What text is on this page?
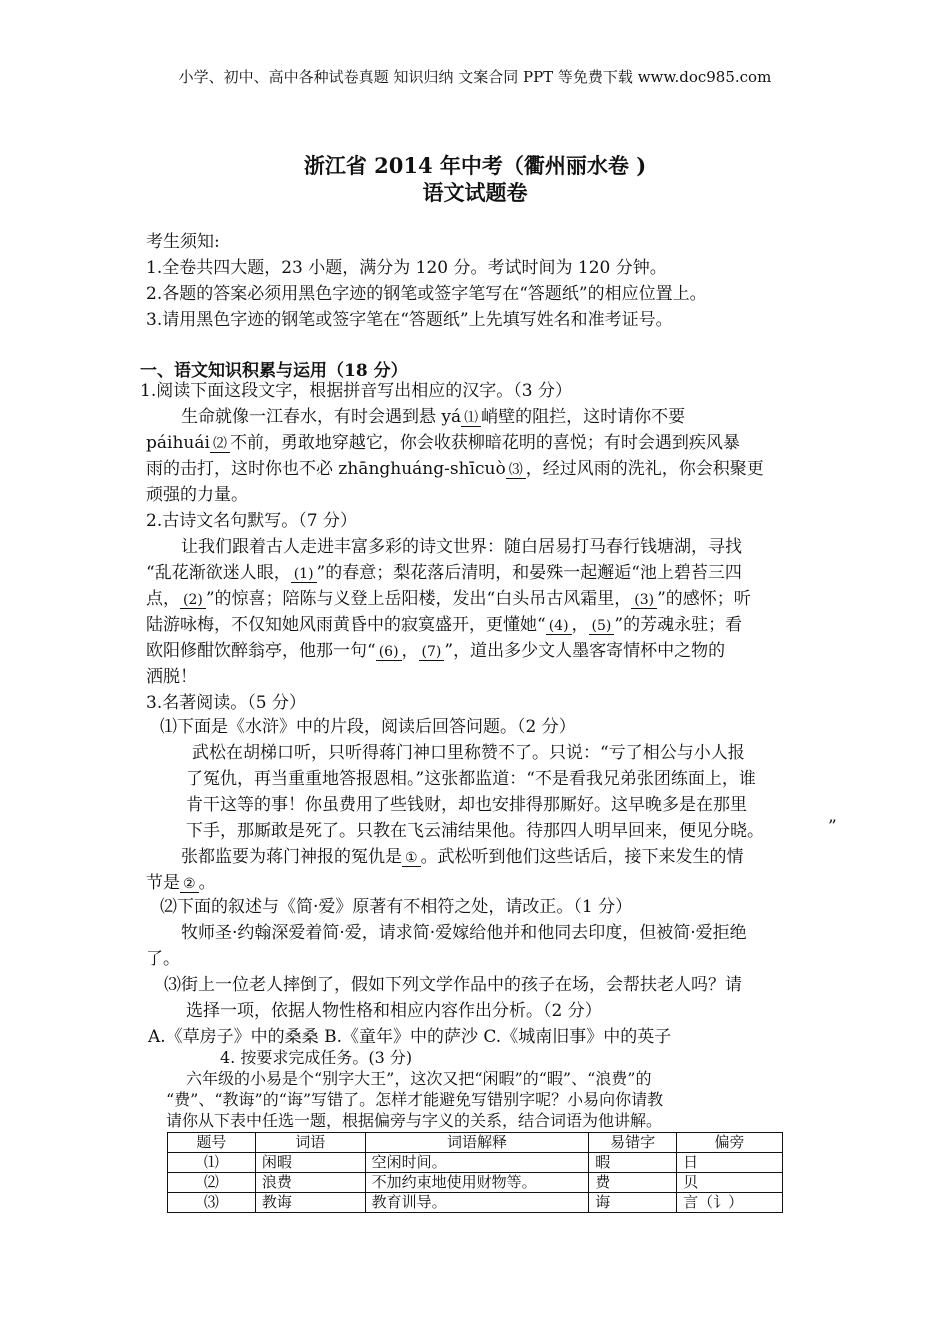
小学、初中、高中各种试卷真题 知识归纳 文案合同 PPT 等免费下载 www.doc985.com
浙江省 2014 年中考（衢州丽水卷 )
语文试题卷
考生须知:
1.全卷共四大题，23 小题，满分为 120 分。考试时间为 120 分钟。
2.各题的答案必须用黑色字迹的钢笔或签字笔写在“答题纸”的相应位置上。
3.请用黑色字迹的钢笔或签字笔在“答题纸”上先填写姓名和准考证号。
一、语文知识积累与运用（18 分）
1.阅读下面这段文字，根据拼音写出相应的汉字。（3 分）
生命就像一江春水，有时会遇到悬 yá ⑴ 峭壁的阻拦，这时请你不要
páihuái ⑵ 不前，勇敢地穿越它，你会收获柳暗花明的喜悦；有时会遇到疾风暴
雨的击打，这时你也不必 zhānghuáng-shīcuò ⑶ ，经过风雨的洗礼，你会积聚更
顽强的力量。
2.古诗文名句默写。（7 分）
让我们跟着古人走进丰富多彩的诗文世界：随白居易打马春行钱塘湖，寻找
“乱花渐欲迷人眼， (1) ”的春意；梨花落后清明，和晏殊一起邂逅“池上碧苔三四
点， (2) ”的惊喜；陪陈与义登上岳阳楼，发出“白头吊古风霜里， (3) ”的感怀；听
陆游咏梅，不仅知她风雨黄昏中的寂寞盛开，更懂她“ (4) ， (5) ”的芳魂永驻；看
欧阳修酣饮醉翁亭，他那一句“ (6) ， (7) ”，道出多少文人墨客寄情杯中之物的
洒脱！
3.名著阅读。（5 分）
⑴下面是《水浒》中的片段，阅读后回答问题。（2 分）
武松在胡梯口听，只听得蒋门神口里称赞不了。只说：“亏了相公与小人报
了冤仇，再当重重地答报恩相。”这张都监道：“不是看我兄弟张团练面上，谁
肯干这等的事！你虽费用了些钱财，却也安排得那厮好。这早晚多是在那里
下手，那厮敢是死了。只教在飞云浦结果他。待那四人明早回来，便见分晓。	”
张都监要为蒋门神报的冤仇是 ① 。武松听到他们这些话后，接下来发生的情
节是 ② 。
⑵下面的叙述与《简·爱》原著有不相符之处，请改正。（1 分）
牧师圣·约翰深爱着简·爱，请求简·爱嫁给他并和他同去印度，但被简·爱拒绝
了。
⑶街上一位老人摔倒了，假如下列文学作品中的孩子在场，会帮扶老人吗？请
选择一项，依据人物性格和相应内容作出分析。（2 分）
A.《草房子》中的桑桑 B.《童年》中的萨沙 C.《城南旧事》中的英子
4. 按要求完成任务。(3 分)
六年级的小易是个“别字大王”，这次又把“闲暇”的“暇”、“浪费”的
“费”、“教诲”的“诲”写错了。怎样才能避免写错别字呢？小易向你请教
请你从下表中任选一题，根据偏旁与字义的关系，结合词语为他讲解。
题号	词语	词语解释	易错字	偏旁
⑴	闲暇	空闲时间。	暇	日
⑵	浪费	不加约束地使用财物等。	费	贝
⑶	教诲	教育训导。	诲	言（讠）
